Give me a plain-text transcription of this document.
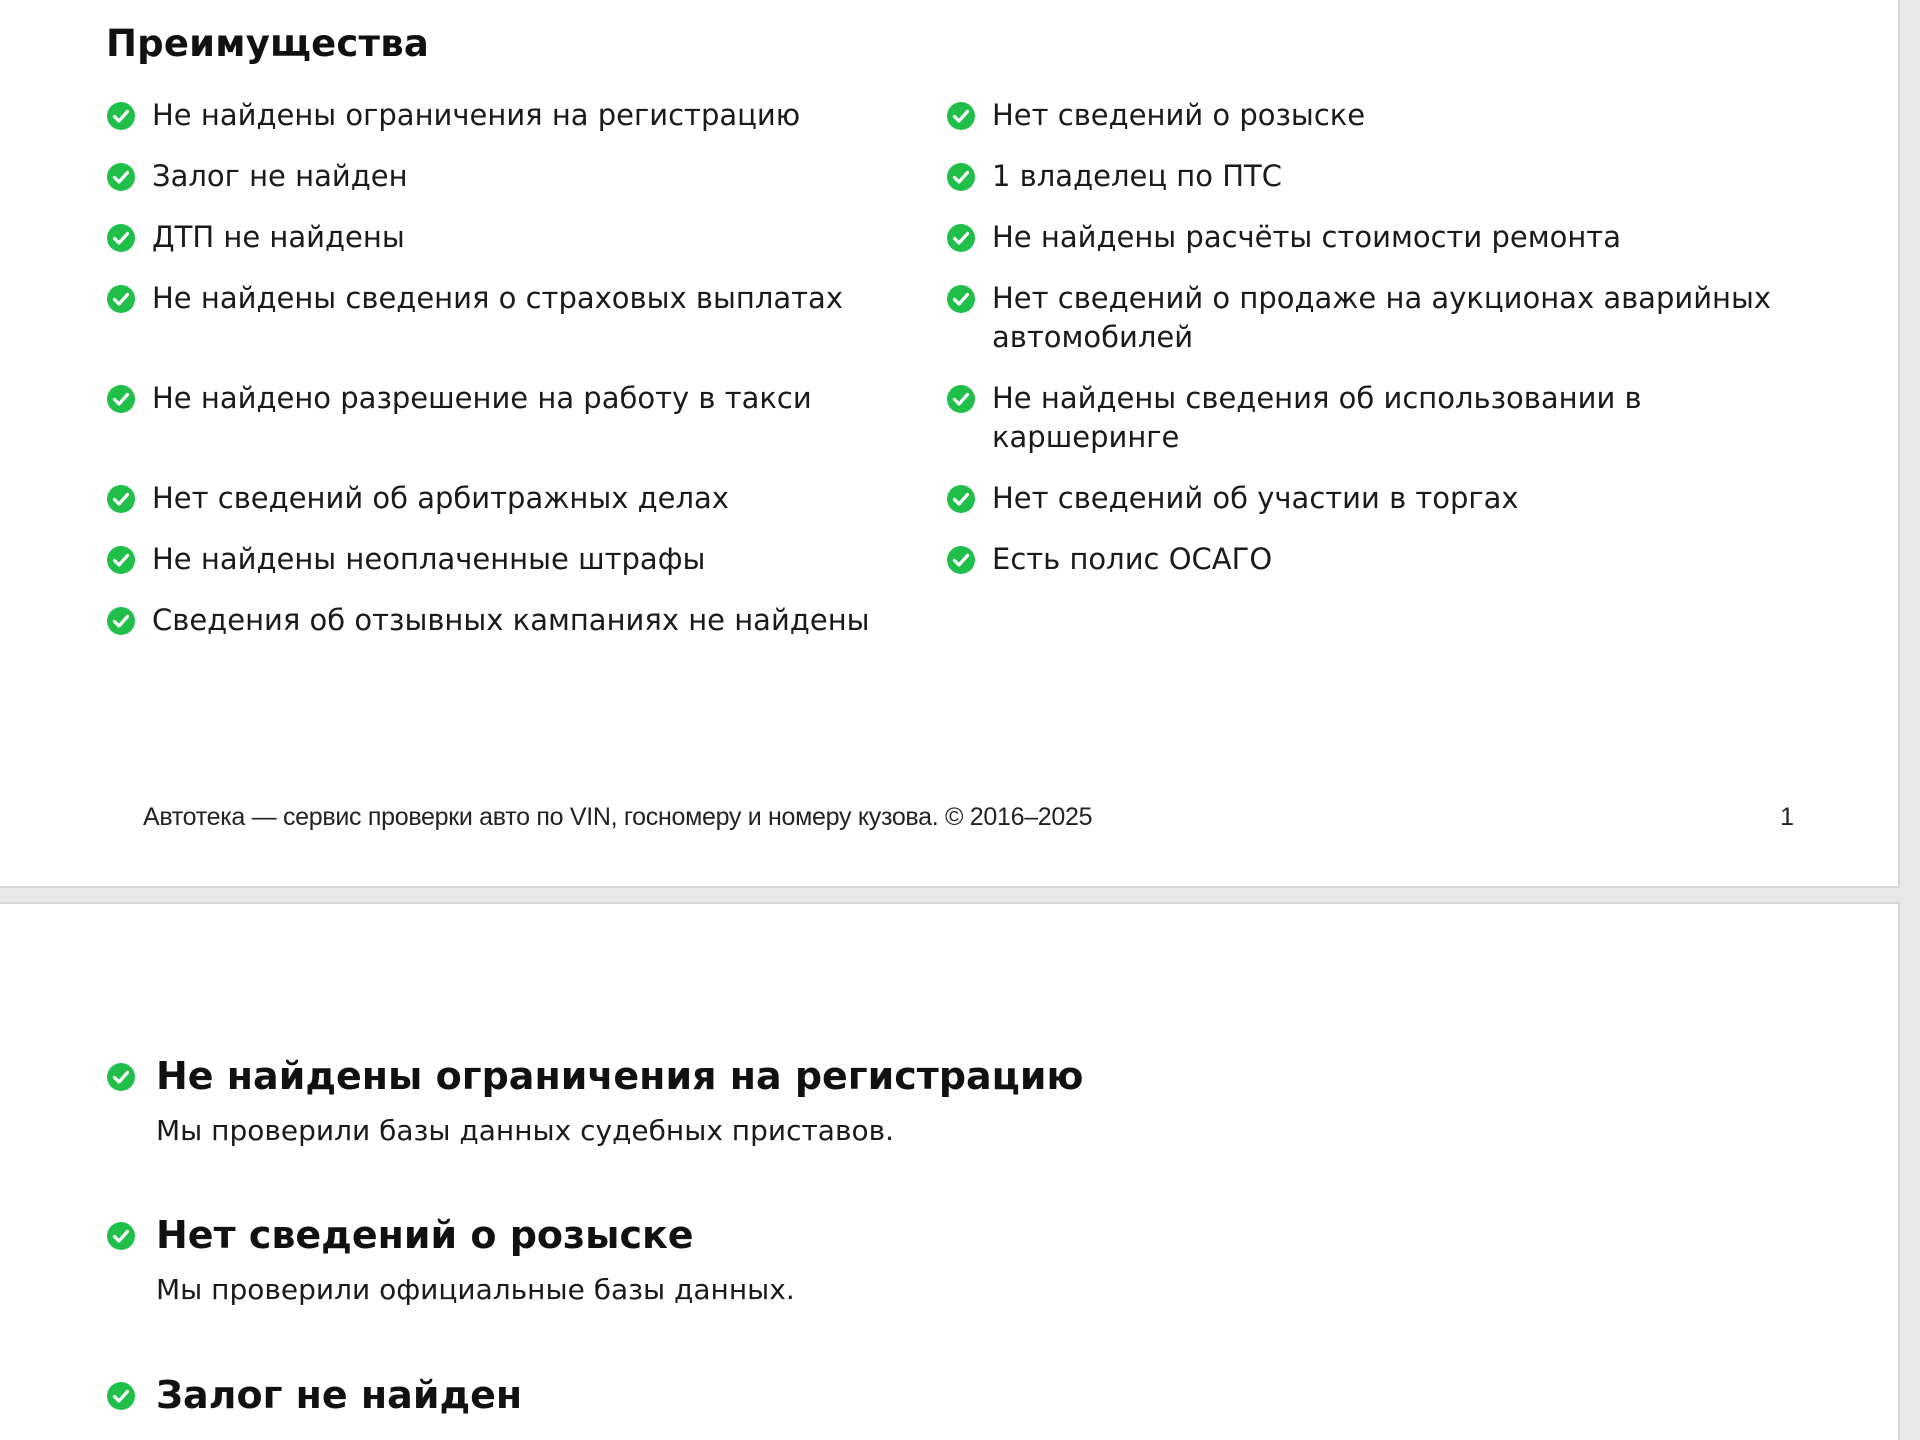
Преимущества
Не найдены ограничения на регистрацию
Залог не найден
ДТП не найдены
Не найдены сведения о страховых выплатах
Не найдено разрешение на работу в такси
Нет сведений об арбитражных делах
Не найдены неоплаченные штрафы
Сведения об отзывных кампаниях не найдены
Нет сведений о розыске
1 владелец по ПТС
Не найдены расчёты стоимости ремонта
Нет сведений о продаже на аукционах аварийных автомобилей
Не найдены сведения об использовании в каршеринге
Нет сведений об участии в торгах
Есть полис ОСАГО
Автотека — сервис проверки авто по VIN, госномеру и номеру кузова. © 2016–2025	1
Не найдены ограничения на регистрацию

Мы проверили базы данных судебных приставов.

Нет сведений о розыске

Мы проверили официальные базы данных.

Залог не найден
